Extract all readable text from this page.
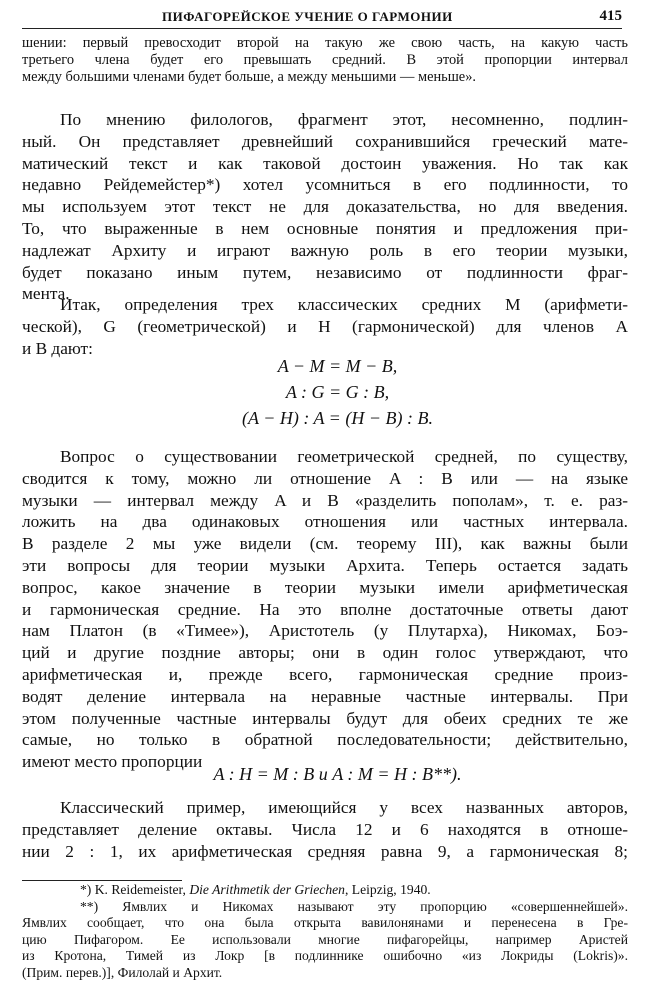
ПИФАГОРЕЙСКОЕ УЧЕНИЕ О ГАРМОНИИ	415
шении: первый превосходит второй на такую же свою часть, на какую часть
третьего члена будет его превышать средний. В этой пропорции интервал
между большими членами будет больше, а между меньшими — меньше».
По мнению филологов, фрагмент этот, несомненно, подлин-
ный. Он представляет древнейший сохранившийся греческий мате-
матический текст и как таковой достоин уважения. Но так как
недавно Рейдемейстер*) хотел усомниться в его подлинности, то
мы используем этот текст не для доказательства, но для введения.
То, что выраженные в нем основные понятия и предложения при-
надлежат Архиту и играют важную роль в его теории музыки,
будет показано иным путем, независимо от подлинности фраг-
мента.
Итак, определения трех классических средних M (арифмети-
ческой), G (геометрической) и H (гармонической) для членов A
и B дают:
A − M = M − B,
A : G = G : B,
(A − H) : A = (H − B) : B.
Вопрос о существовании геометрической средней, по существу,
сводится к тому, можно ли отношение A : B или — на языке
музыки — интервал между A и B «разделить пополам», т. е. раз-
ложить на два одинаковых отношения или частных интервала.
В разделе 2 мы уже видели (см. теорему III), как важны были
эти вопросы для теории музыки Архита. Теперь остается задать
вопрос, какое значение в теории музыки имели арифметическая
и гармоническая средние. На это вполне достаточные ответы дают
нам Платон (в «Тимее»), Аристотель (у Плутарха), Никомах, Боэ-
ций и другие поздние авторы; они в один голос утверждают, что
арифметическая и, прежде всего, гармоническая средние произ-
водят деление интервала на неравные частные интервалы. При
этом полученные частные интервалы будут для обеих средних те же
самые, но только в обратной последовательности; действительно,
имеют место пропорции
A : H = M : B и A : M = H : B**).
Классический пример, имеющийся у всех названных авторов,
представляет деление октавы. Числа 12 и 6 находятся в отноше-
нии 2 : 1, их арифметическая средняя равна 9, а гармоническая 8;
*) K. Reidemeister, Die Arithmetik der Griechen, Leipzig, 1940.
**) Ямвлих и Никомах называют эту пропорцию «совершеннейшей».
Ямвлих сообщает, что она была открыта вавилонянами и перенесена в Гре-
цию Пифагором. Ее использовали многие пифагорейцы, например Аристей
из Кротона, Тимей из Локр [в подлиннике ошибочно «из Локриды (Lokris)».
(Прим. перев.)], Филолай и Архит.
